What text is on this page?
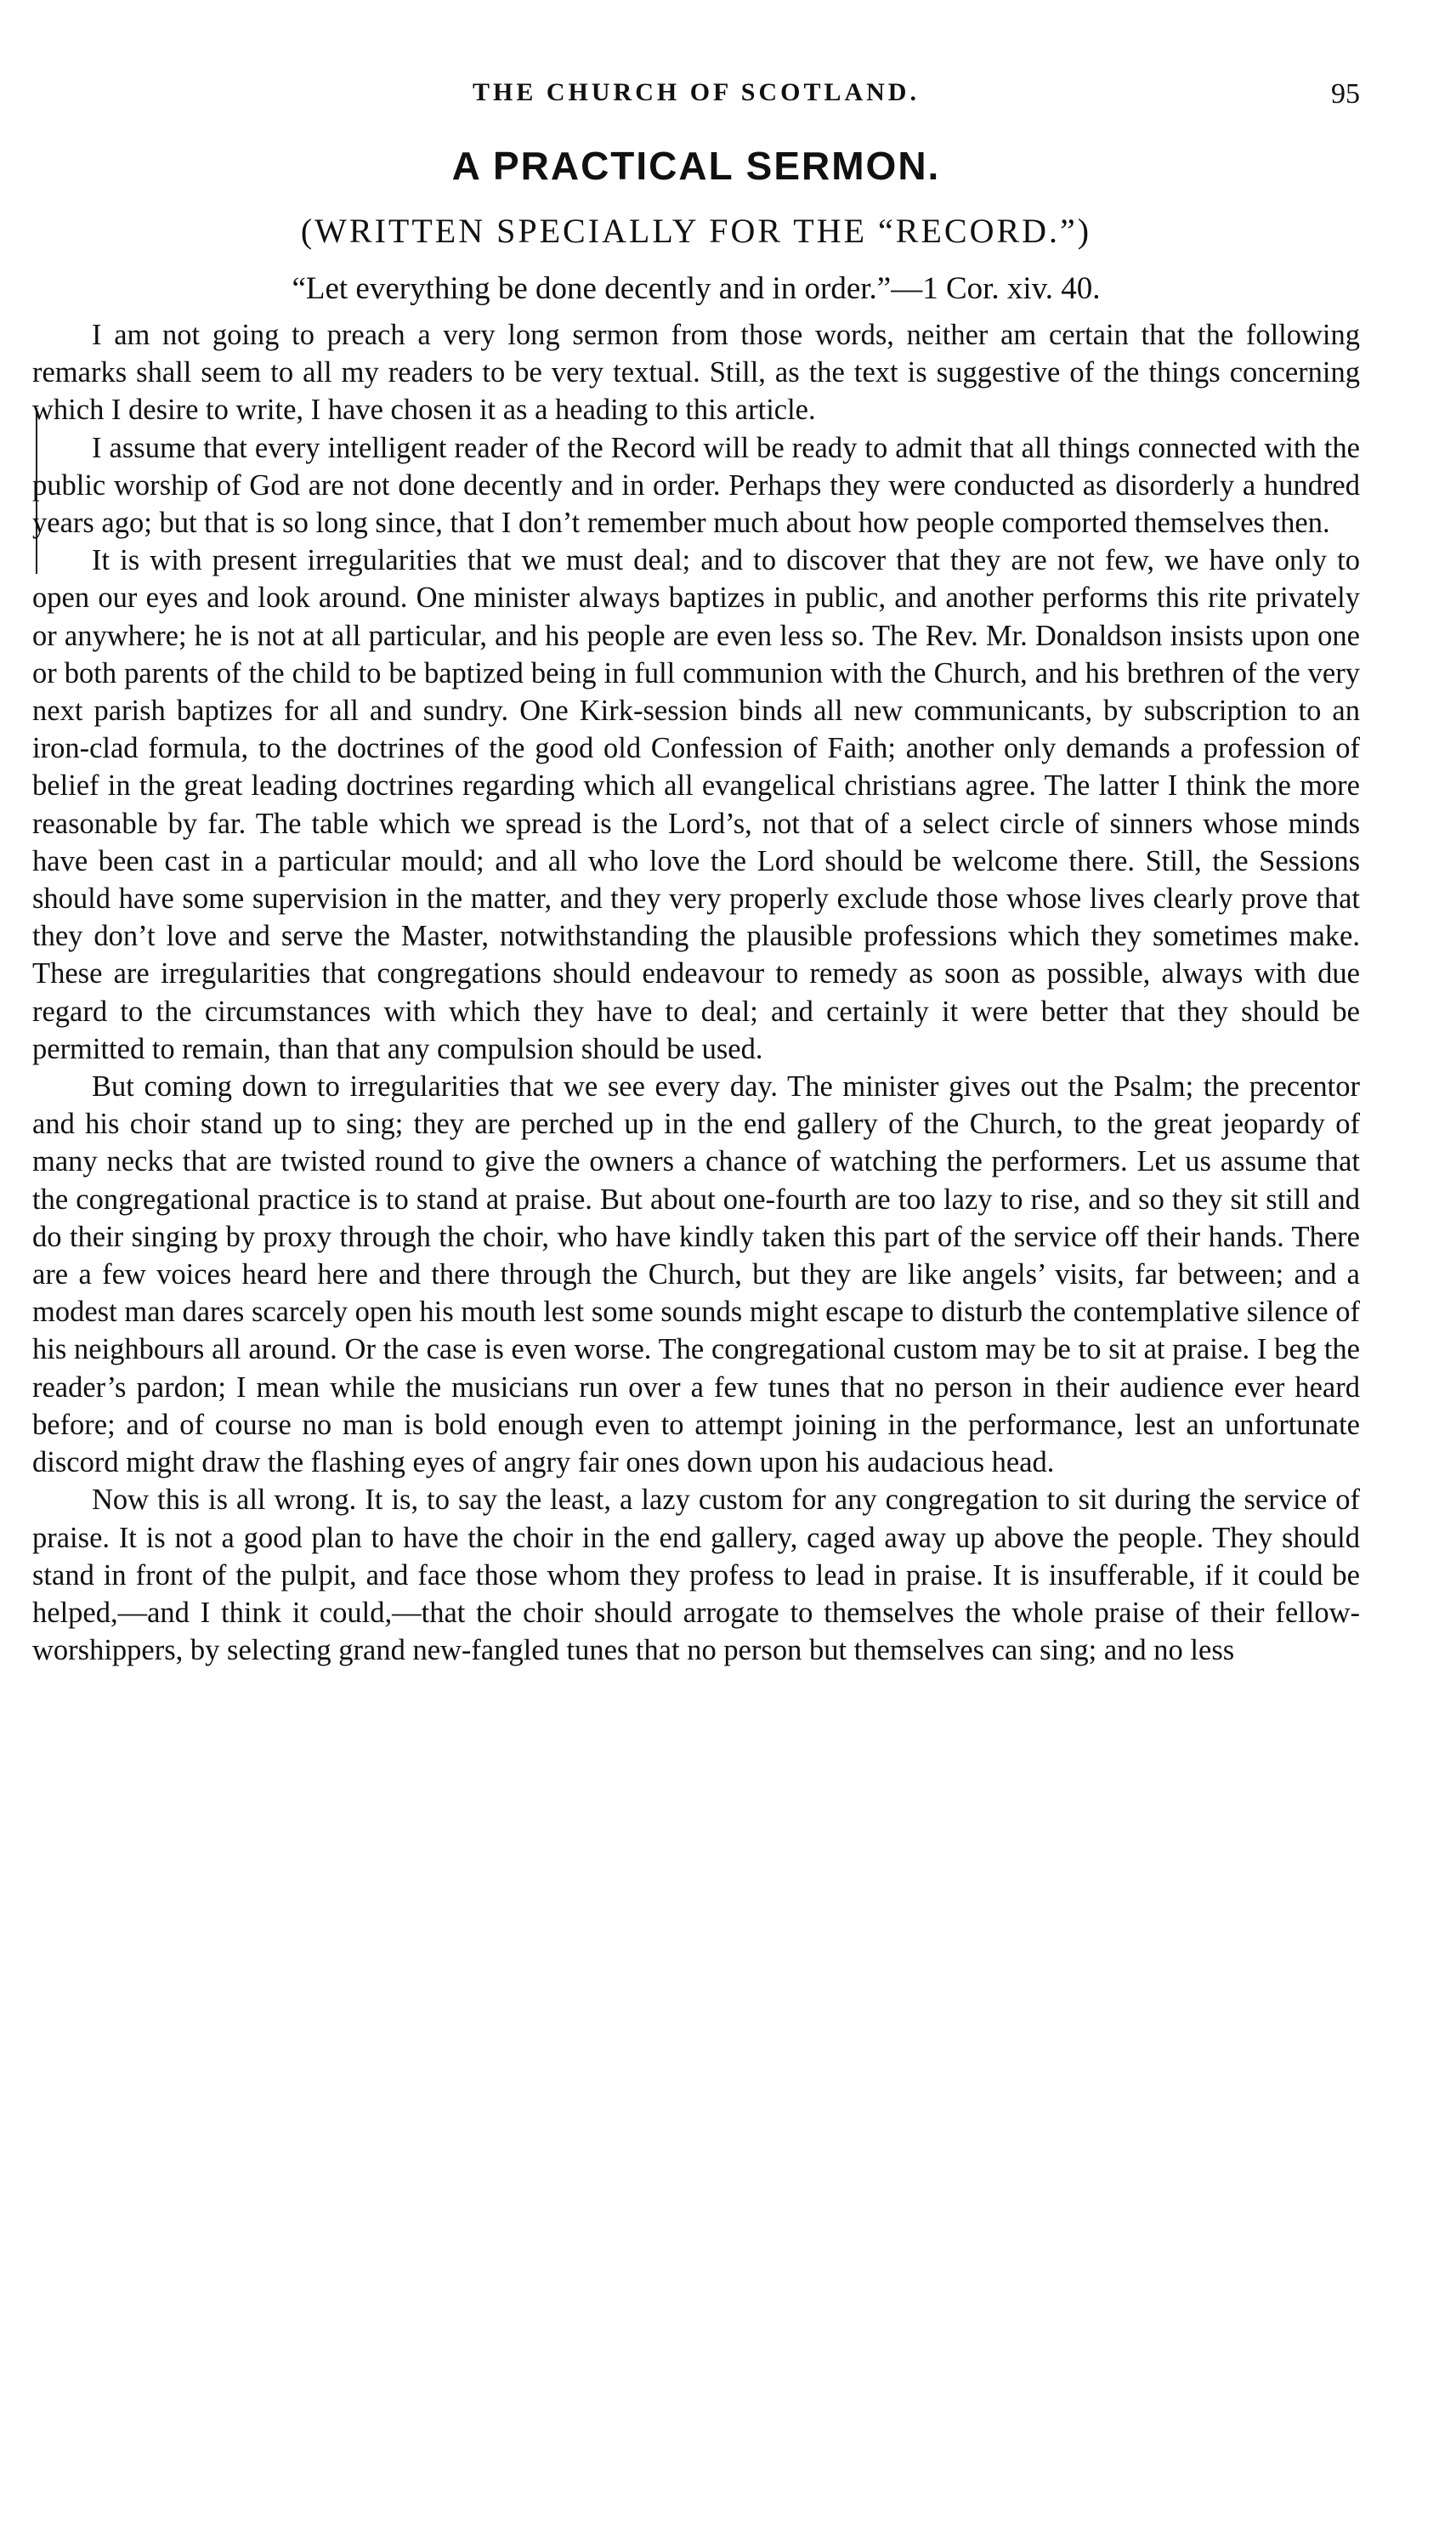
THE CHURCH OF SCOTLAND.	95
A PRACTICAL SERMON.
(WRITTEN SPECIALLY FOR THE “RECORD.”)
“Let everything be done decently and in order.”—1 Cor. xiv. 40.

I am not going to preach a very long sermon from those words, neither am certain that the following remarks shall seem to all my readers to be very textual. Still, as the text is suggestive of the things concerning which I desire to write, I have chosen it as a heading to this article.

I assume that every intelligent reader of the Record will be ready to admit that all things connected with the public worship of God are not done decently and in order. Perhaps they were conducted as disorderly a hundred years ago; but that is so long since, that I don’t remember much about how people comported themselves then.

It is with present irregularities that we must deal; and to discover that they are not few, we have only to open our eyes and look around. One minister always baptizes in public, and another performs this rite privately or anywhere; he is not at all particular, and his people are even less so. The Rev. Mr. Donaldson insists upon one or both parents of the child to be baptized being in full communion with the Church, and his brethren of the very next parish baptizes for all and sundry. One Kirk-session binds all new communicants, by subscription to an iron-clad formula, to the doctrines of the good old Confession of Faith; another only demands a profession of belief in the great leading doctrines regarding which all evangelical christians agree. The latter I think the more reasonable by far. The table which we spread is the Lord’s, not that of a select circle of sinners whose minds have been cast in a particular mould; and all who love the Lord should be welcome there. Still, the Sessions should have some supervision in the matter, and they very properly exclude those whose lives clearly prove that they don’t love and serve the Master, notwithstanding the plausible professions which they sometimes make. These are irregularities that congregations should endeavour to remedy as soon as possible, always with due regard to the circumstances with which they have to deal; and certainly it were better that they should be permitted to remain, than that any compulsion should be used.

But coming down to irregularities that we see every day. The minister gives out the Psalm; the precentor and his choir stand up to sing; they are perched up in the end gallery of the Church, to the great jeopardy of many necks that are twisted round to give the owners a chance of watching the performers. Let us assume that the congregational practice is to stand at praise. But about one-fourth are too lazy to rise, and so they sit still and do their singing by proxy through the choir, who have kindly taken this part of the service off their hands. There are a few voices heard here and there through the Church, but they are like angels’ visits, far between; and a modest man dares scarcely open his mouth lest some sounds might escape to disturb the contemplative silence of his neighbours all around. Or the case is even worse. The congregational custom may be to sit at praise. I beg the reader’s pardon; I mean while the musicians run over a few tunes that no person in their audience ever heard before; and of course no man is bold enough even to attempt joining in the performance, lest an unfortunate discord might draw the flashing eyes of angry fair ones down upon his audacious head.

Now this is all wrong. It is, to say the least, a lazy custom for any congregation to sit during the service of praise. It is not a good plan to have the choir in the end gallery, caged away up above the people. They should stand in front of the pulpit, and face those whom they profess to lead in praise. It is insufferable, if it could be helped,—and I think it could,—that the choir should arrogate to themselves the whole praise of their fellow-worshippers, by selecting grand new-fangled tunes that no person but themselves can sing; and no less
